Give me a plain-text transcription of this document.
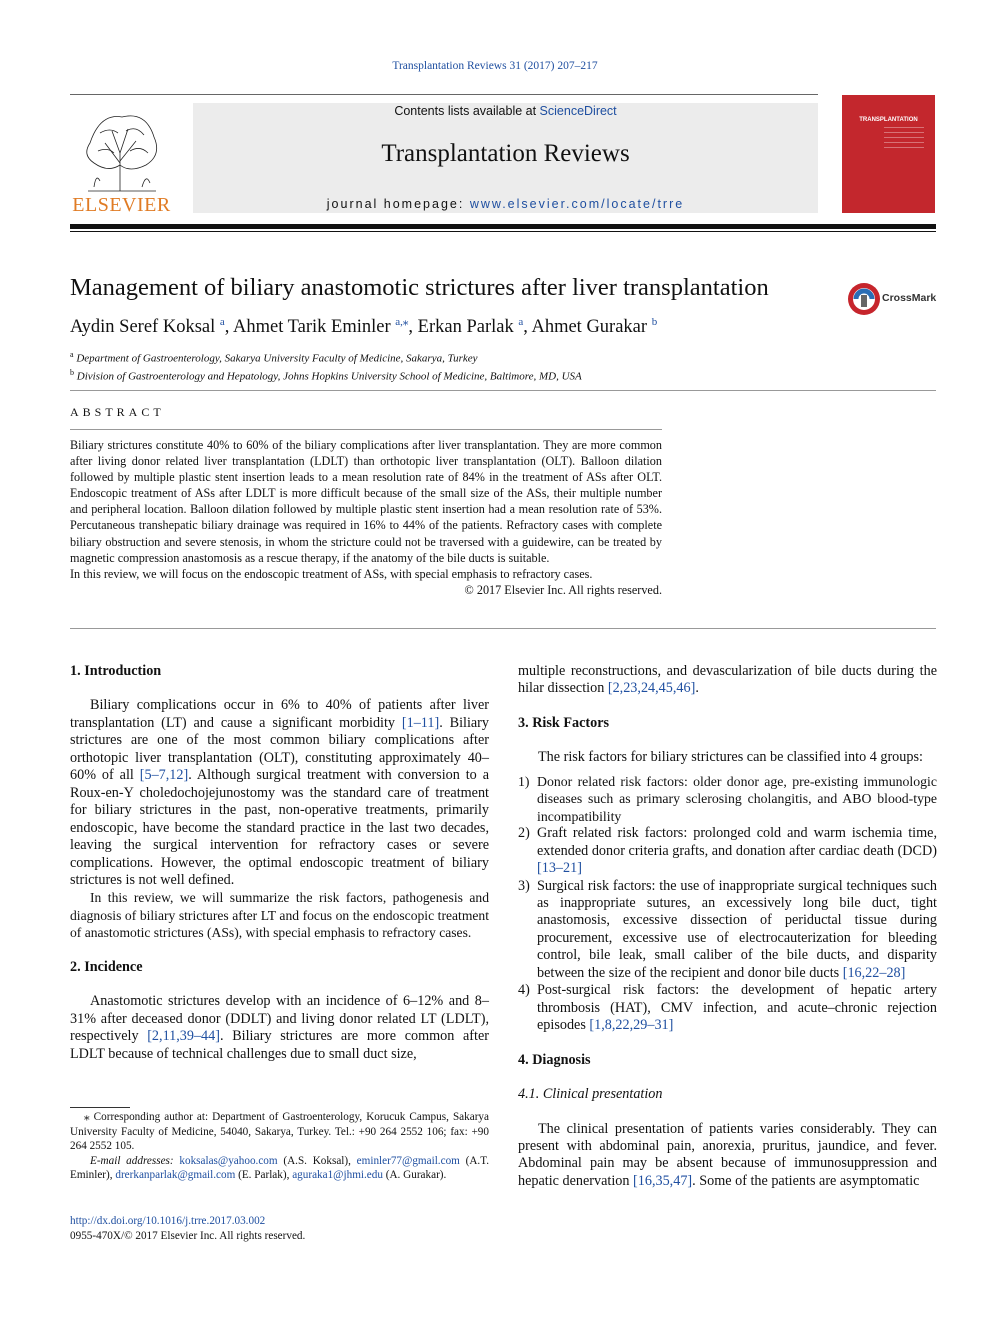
Transplantation Reviews 31 (2017) 207–217
ELSEVIER
Contents lists available at ScienceDirect
Transplantation Reviews
journal homepage: www.elsevier.com/locate/trre
TRANSPLANTATION
Management of biliary anastomotic strictures after liver transplantation	CrossMark
Aydin Seref Koksal $^a$, Ahmet Tarik Eminler $^{a,⁎}$, Erkan Parlak $^a$, Ahmet Gurakar $^b$
$^a$ Department of Gastroenterology, Sakarya University Faculty of Medicine, Sakarya, Turkey
$^b$ Division of Gastroenterology and Hepatology, Johns Hopkins University School of Medicine, Baltimore, MD, USA
ABSTRACT

Biliary strictures constitute 40% to 60% of the biliary complications after liver transplantation. They are more common after living donor related liver transplantation (LDLT) than orthotopic liver transplantation (OLT). Balloon dilation followed by multiple plastic stent insertion leads to a mean resolution rate of 84% in the treatment of ASs after OLT. Endoscopic treatment of ASs after LDLT is more difficult because of the small size of the ASs, their multiple number and peripheral location. Balloon dilation followed by multiple plastic stent insertion had a mean resolution rate of 53%. Percutaneous transhepatic biliary drainage was required in 16% to 44% of the patients. Refractory cases with complete biliary obstruction and severe stenosis, in whom the stricture could not be traversed with a guidewire, can be treated by magnetic compression anastomosis as a rescue therapy, if the anatomy of the bile ducts is suitable.

In this review, we will focus on the endoscopic treatment of ASs, with special emphasis to refractory cases.

© 2017 Elsevier Inc. All rights reserved.

1. Introduction

Biliary complications occur in 6% to 40% of patients after liver transplantation (LT) and cause a significant morbidity [1–11]. Biliary strictures are one of the most common biliary complications after orthotopic liver transplantation (OLT), constituting approximately 40–60% of all [5–7,12]. Although surgical treatment with conversion to a Roux-en-Y choledochojejunostomy was the standard care of treatment for biliary strictures in the past, non-operative treatments, primarily endoscopic, have become the standard practice in the last two decades, leaving the surgical intervention for refractory cases or severe complications. However, the optimal endoscopic treatment of biliary strictures is not well defined.

In this review, we will summarize the risk factors, pathogenesis and diagnosis of biliary strictures after LT and focus on the endoscopic treatment of anastomotic strictures (ASs), with special emphasis to refractory cases.

2. Incidence

Anastomotic strictures develop with an incidence of 6–12% and 8–31% after deceased donor (DDLT) and living donor related LT (LDLT), respectively [2,11,39–44]. Biliary strictures are more common after LDLT because of technical challenges due to small duct size,

multiple reconstructions, and devascularization of bile ducts during the hilar dissection [2,23,24,45,46].

3. Risk Factors

The risk factors for biliary strictures can be classified into 4 groups:

1) Donor related risk factors: older donor age, pre-existing immunologic diseases such as primary sclerosing cholangitis, and ABO blood-type incompatibility
2) Graft related risk factors: prolonged cold and warm ischemia time, extended donor criteria grafts, and donation after cardiac death (DCD) [13–21]
3) Surgical risk factors: the use of inappropriate surgical techniques such as inappropriate sutures, an excessively long bile duct, tight anastomosis, excessive dissection of periductal tissue during procurement, excessive use of electrocauterization for bleeding control, bile leak, small caliber of the bile ducts, and disparity between the size of the recipient and donor bile ducts [16,22–28]
4) Post-surgical risk factors: the development of hepatic artery thrombosis (HAT), CMV infection, and acute–chronic rejection episodes [1,8,22,29–31]
4. Diagnosis
4.1. Clinical presentation

The clinical presentation of patients varies considerably. They can present with abdominal pain, anorexia, pruritus, jaundice, and fever. Abdominal pain may be absent because of immunosuppression and hepatic denervation [16,35,47]. Some of the patients are asymptomatic

⁎ Corresponding author at: Department of Gastroenterology, Korucuk Campus, Sakarya University Faculty of Medicine, 54040, Sakarya, Turkey. Tel.: +90 264 2552 106; fax: +90 264 2552 105.

E-mail addresses: koksalas@yahoo.com (A.S. Koksal), eminler77@gmail.com (A.T. Eminler), drerkanparlak@gmail.com (E. Parlak), aguraka1@jhmi.edu (A. Gurakar).

http://dx.doi.org/10.1016/j.trre.2017.03.002
0955-470X/© 2017 Elsevier Inc. All rights reserved.
